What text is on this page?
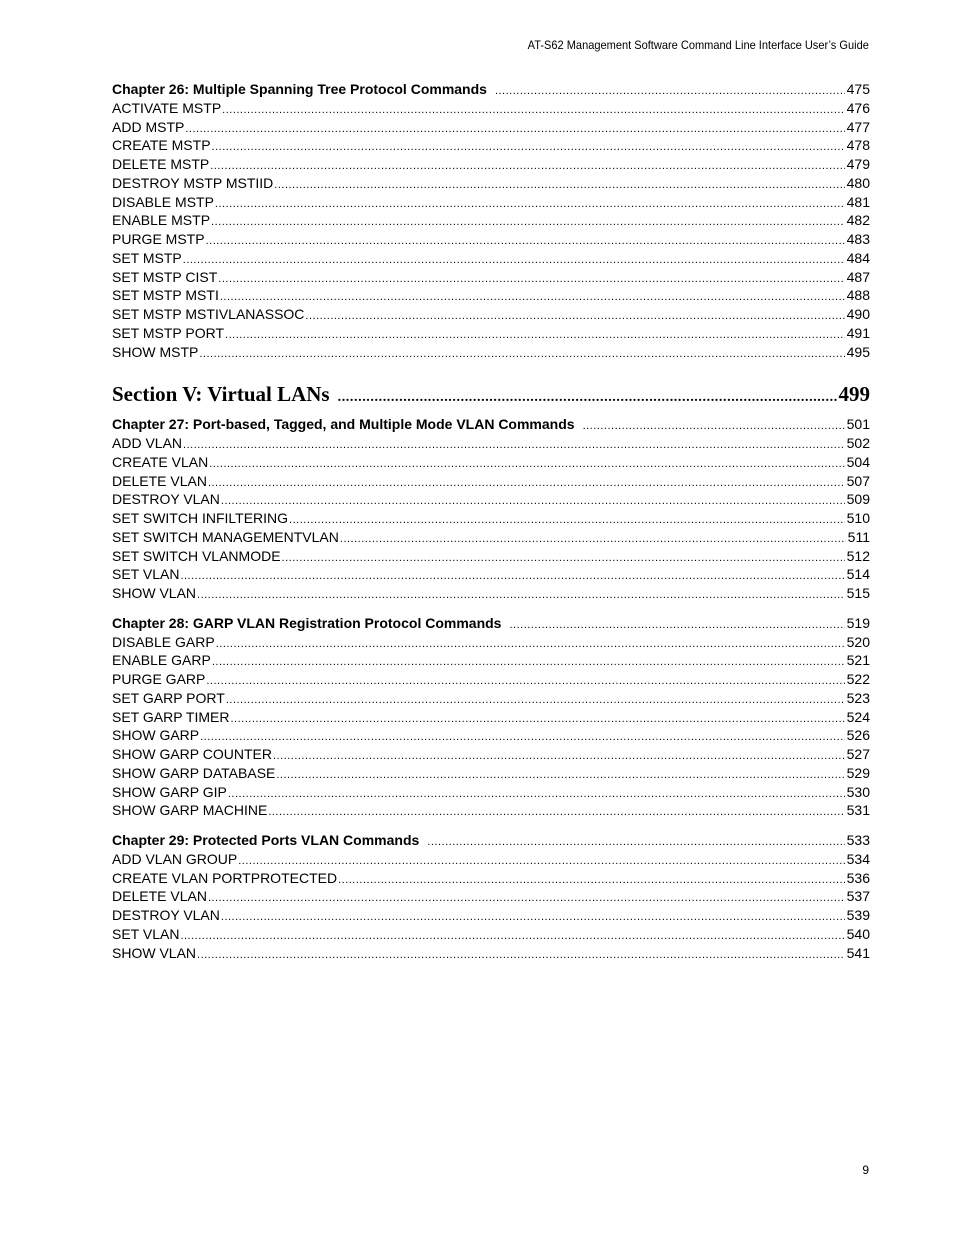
AT-S62 Management Software Command Line Interface User’s Guide
Chapter 26: Multiple Spanning Tree Protocol Commands .....	475
ACTIVATE MSTP .....	476
ADD MSTP .....	477
CREATE MSTP .....	478
DELETE MSTP .....	479
DESTROY MSTP MSTIID .....	480
DISABLE MSTP .....	481
ENABLE MSTP .....	482
PURGE MSTP .....	483
SET MSTP .....	484
SET MSTP CIST .....	487
SET MSTP MSTI .....	488
SET MSTP MSTIVLANASSOC .....	490
SET MSTP PORT .....	491
SHOW MSTP .....	495
Section V: Virtual LANs .....	499
Chapter 27: Port-based, Tagged, and Multiple Mode VLAN Commands .....	501
ADD VLAN .....	502
CREATE VLAN .....	504
DELETE VLAN .....	507
DESTROY VLAN .....	509
SET SWITCH INFILTERING .....	510
SET SWITCH MANAGEMENTVLAN .....	511
SET SWITCH VLANMODE .....	512
SET VLAN .....	514
SHOW VLAN .....	515
Chapter 28: GARP VLAN Registration Protocol Commands .....	519
DISABLE GARP .....	520
ENABLE GARP .....	521
PURGE GARP .....	522
SET GARP PORT .....	523
SET GARP TIMER .....	524
SHOW GARP .....	526
SHOW GARP COUNTER .....	527
SHOW GARP DATABASE .....	529
SHOW GARP GIP .....	530
SHOW GARP MACHINE .....	531
Chapter 29: Protected Ports VLAN Commands .....	533
ADD VLAN GROUP .....	534
CREATE VLAN PORTPROTECTED .....	536
DELETE VLAN .....	537
DESTROY VLAN .....	539
SET VLAN .....	540
SHOW VLAN .....	541
9
